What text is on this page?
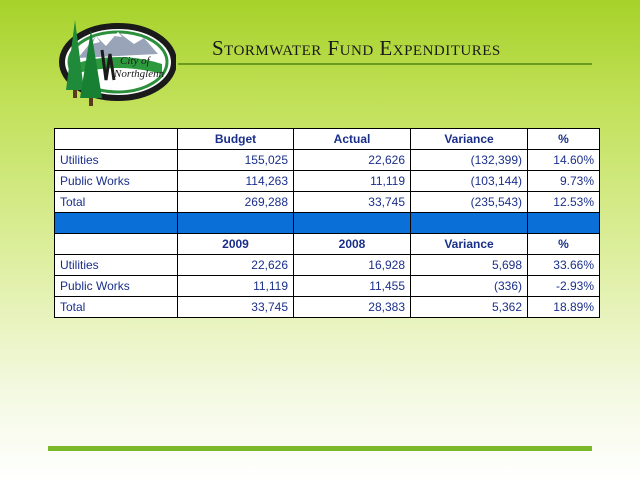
City of
Northglenn
Stormwater Fund Expenditures
	Budget	Actual	Variance	%
Utilities	155,025	22,626	(132,399)	14.60%
Public Works	114,263	11,119	(103,144)	9.73%
Total	269,288	33,745	(235,543)	12.53%

	2009	2008	Variance	%
Utilities	22,626	16,928	5,698	33.66%
Public Works	11,119	11,455	(336)	-2.93%
Total	33,745	28,383	5,362	18.89%
